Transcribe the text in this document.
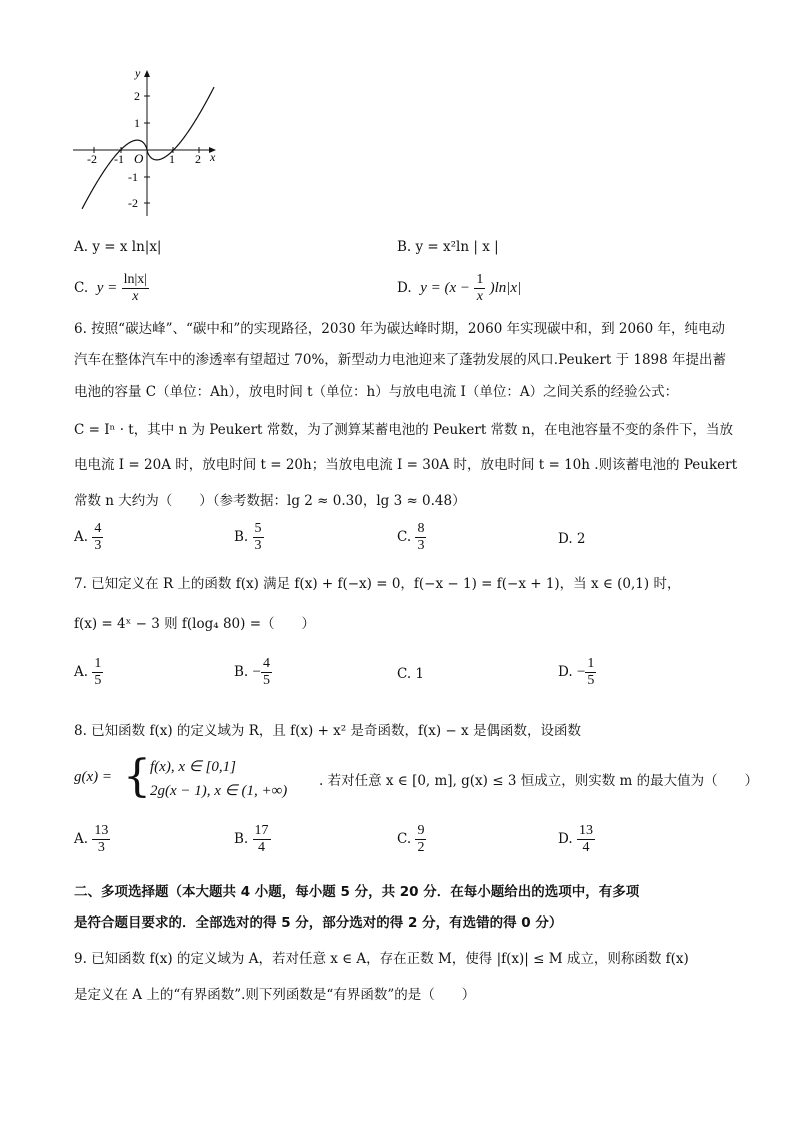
y
x
O
-2 -1	1 2
2
1
-1
-2
A. y = x ln|x|	B. y = x²ln | x |
C. $y = \frac{\ln|x|}{x}$	D. $y = (x - \frac{1}{x} )\ln|x|$
6. 按照“碳达峰”、“碳中和”的实现路径，2030 年为碳达峰时期，2060 年实现碳中和，到 2060 年，纯电动
汽车在整体汽车中的渗透率有望超过 70%，新型动力电池迎来了蓬勃发展的风口.Peukert 于 1898 年提出蓄
电池的容量 C（单位：Ah），放电时间 t（单位：h）与放电电流 I（单位：A）之间关系的经验公式：
C = Iⁿ · t，其中 n 为 Peukert 常数，为了测算某蓄电池的 Peukert 常数 n，在电池容量不变的条件下，当放
电电流 I = 20A 时，放电时间 t = 20h；当放电电流 I = 30A 时，放电时间 t = 10h .则该蓄电池的 Peukert
常数 n 大约为（　　）（参考数据：lg 2 ≈ 0.30，lg 3 ≈ 0.48）
A. $\frac{4}{3}$	B. $\frac{5}{3}$	C. $\frac{8}{3}$	D. 2
7. 已知定义在 R 上的函数 f(x) 满足 f(x) + f(−x) = 0，f(−x − 1) = f(−x + 1)，当 x ∈ (0,1) 时，
f(x) = 4ˣ − 3 则 f(log₄ 80) =（　　）
A. $\frac{1}{5}$	B. − $\frac{4}{5}$	C. 1	D. − $\frac{1}{5}$
8. 已知函数 f(x) 的定义域为 R，且 f(x) + x² 是奇函数，f(x) − x 是偶函数，设函数
g(x) = { f(x), x ∈ [0,1]
2g(x − 1), x ∈ (1, +∞)
. 若对任意 x ∈ [0, m], g(x) ≤ 3 恒成立，则实数 m 的最大值为（　　）
A. $\frac{13}{3}$	B. $\frac{17}{4}$	C. $\frac{9}{2}$	D. $\frac{13}{4}$
二、多项选择题（本大题共 4 小题，每小题 5 分，共 20 分．在每小题给出的选项中，有多项
是符合题目要求的．全部选对的得 5 分，部分选对的得 2 分，有选错的得 0 分）
9. 已知函数 f(x) 的定义域为 A，若对任意 x ∈ A，存在正数 M，使得 |f(x)| ≤ M 成立，则称函数 f(x)
是定义在 A 上的“有界函数”.则下列函数是“有界函数”的是（　　）
